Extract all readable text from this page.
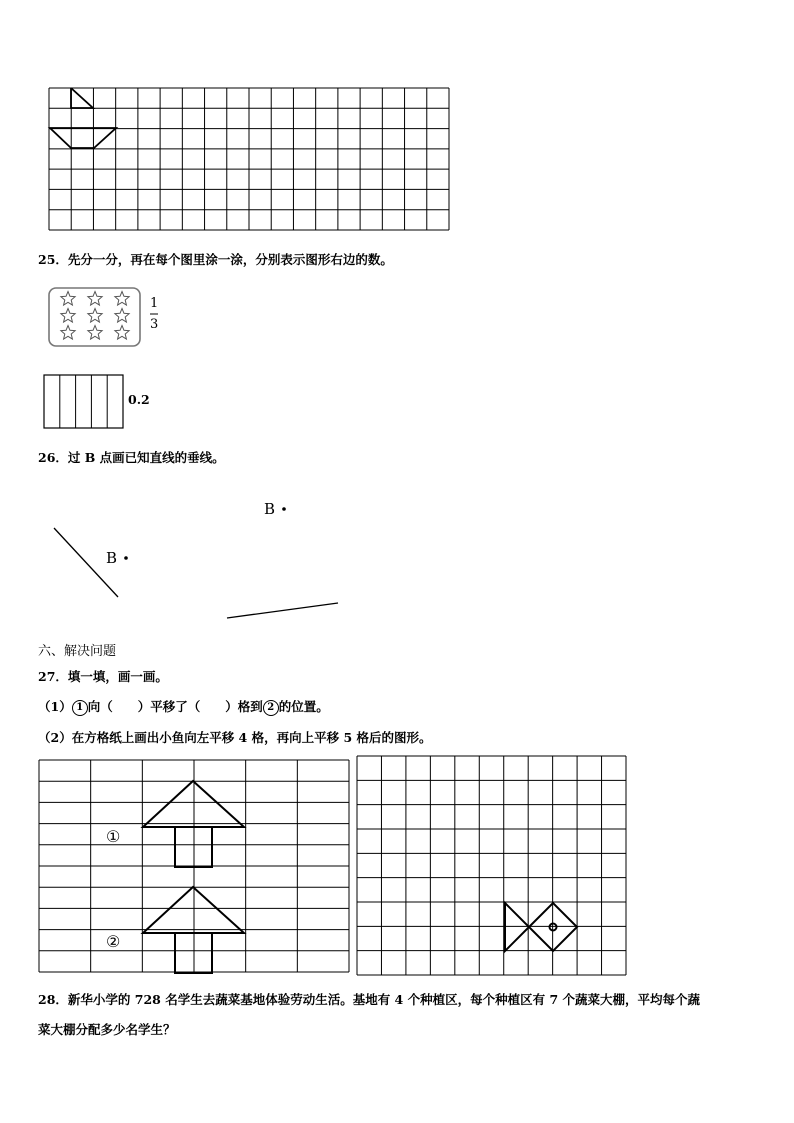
25．先分一分，再在每个图里涂一涂，分别表示图形右边的数。
1
3
0.2
26．过 B 点画已知直线的垂线。
B
B
六、解决问题
27．填一填，画一画。
（1） 1 向（　　）平移了（　　）格到 2 的位置。
（2）在方格纸上画出小鱼向左平移 4 格，再向上平移 5 格后的图形。
①
②
28．新华小学的 728 名学生去蔬菜基地体验劳动生活。基地有 4 个种植区，每个种植区有 7 个蔬菜大棚，平均每个蔬
菜大棚分配多少名学生？
